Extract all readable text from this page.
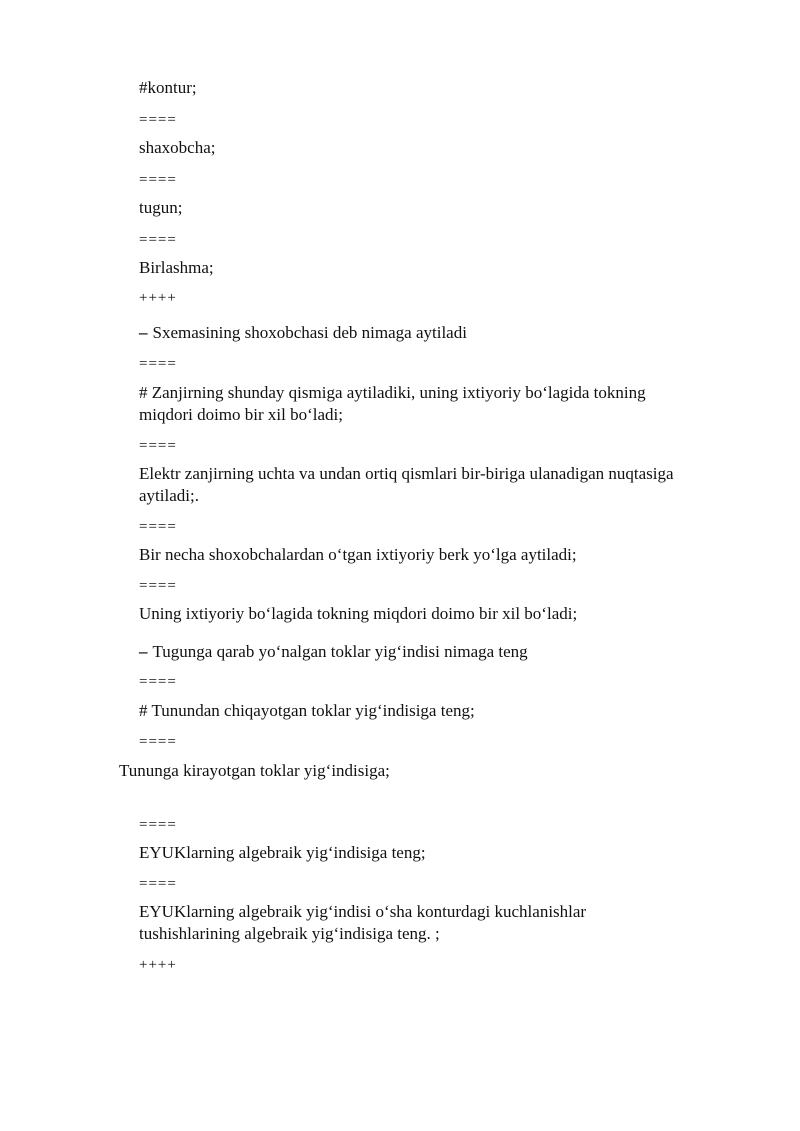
#kontur;
====
shaxobcha;
====
tugun;
====
Birlashma;
++++
– Sxemasining shoxobchasi deb nimaga aytiladi
====
# Zanjirning shunday qismiga aytiladiki, uning ixtiyoriy bo‘lagida tokning
miqdori doimo bir xil bo‘ladi;
====
Elektr zanjirning uchta va undan ortiq qismlari bir-biriga ulanadigan nuqtasiga
aytiladi;.
====
Bir necha shoxobchalardan o‘tgan ixtiyoriy berk yo‘lga aytiladi;
====
Uning ixtiyoriy bo‘lagida tokning miqdori doimo bir xil bo‘ladi;
– Tugunga qarab yo‘nalgan toklar yig‘indisi nimaga teng
====
# Tunundan chiqayotgan toklar yig‘indisiga teng;
====
Tununga kirayotgan toklar yig‘indisiga;
====
EYUKlarning algebraik yig‘indisiga teng;
====
EYUKlarning algebraik yig‘indisi o‘sha konturdagi kuchlanishlar
tushishlarining algebraik yig‘indisiga teng. ;
++++
